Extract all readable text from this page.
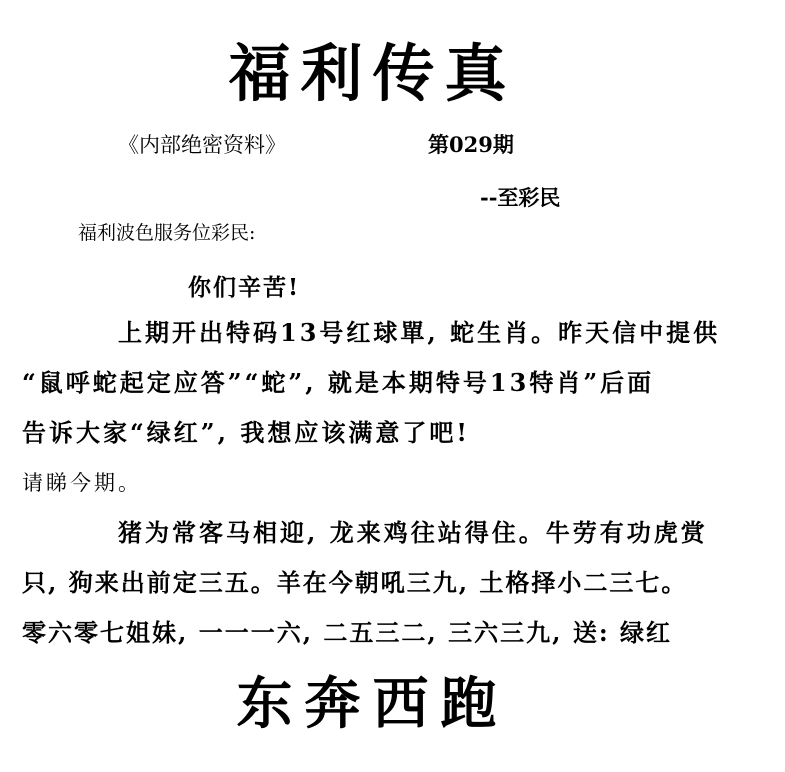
福利传真
《内部绝密资料》	第029期
--至彩民
福利波色服务位彩民:
你们辛苦!
上期开出特码13号红球單, 蛇生肖。昨天信中提供
“鼠呼蛇起定应答”“蛇”, 就是本期特号13特肖”后面
告诉大家“绿红”, 我想应该满意了吧!
请睇今期。
猪为常客马相迎, 龙来鸡往站得住。牛劳有功虎赏
只, 狗来出前定三五。羊在今朝吼三九, 土格择小二三七。
零六零七姐妹, 一一一六, 二五三二, 三六三九, 送: 绿红
东奔西跑
